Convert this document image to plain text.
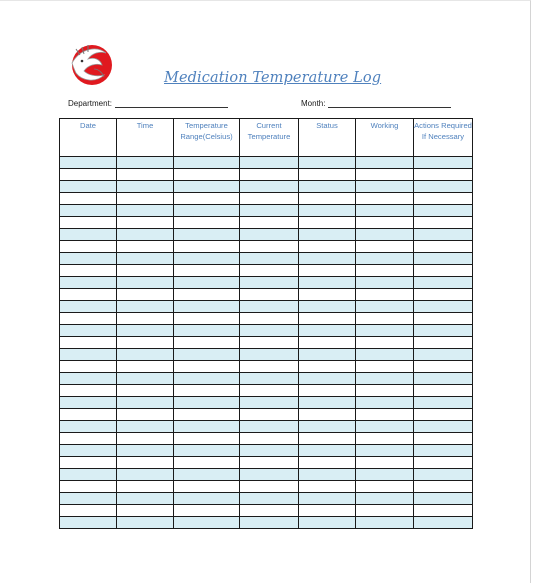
Medication Temperature Log
Department:	Month:
Date	Time	Temperature Range(Celsius)	Current Temperature	Status	Working	Actions Required If Necessary
